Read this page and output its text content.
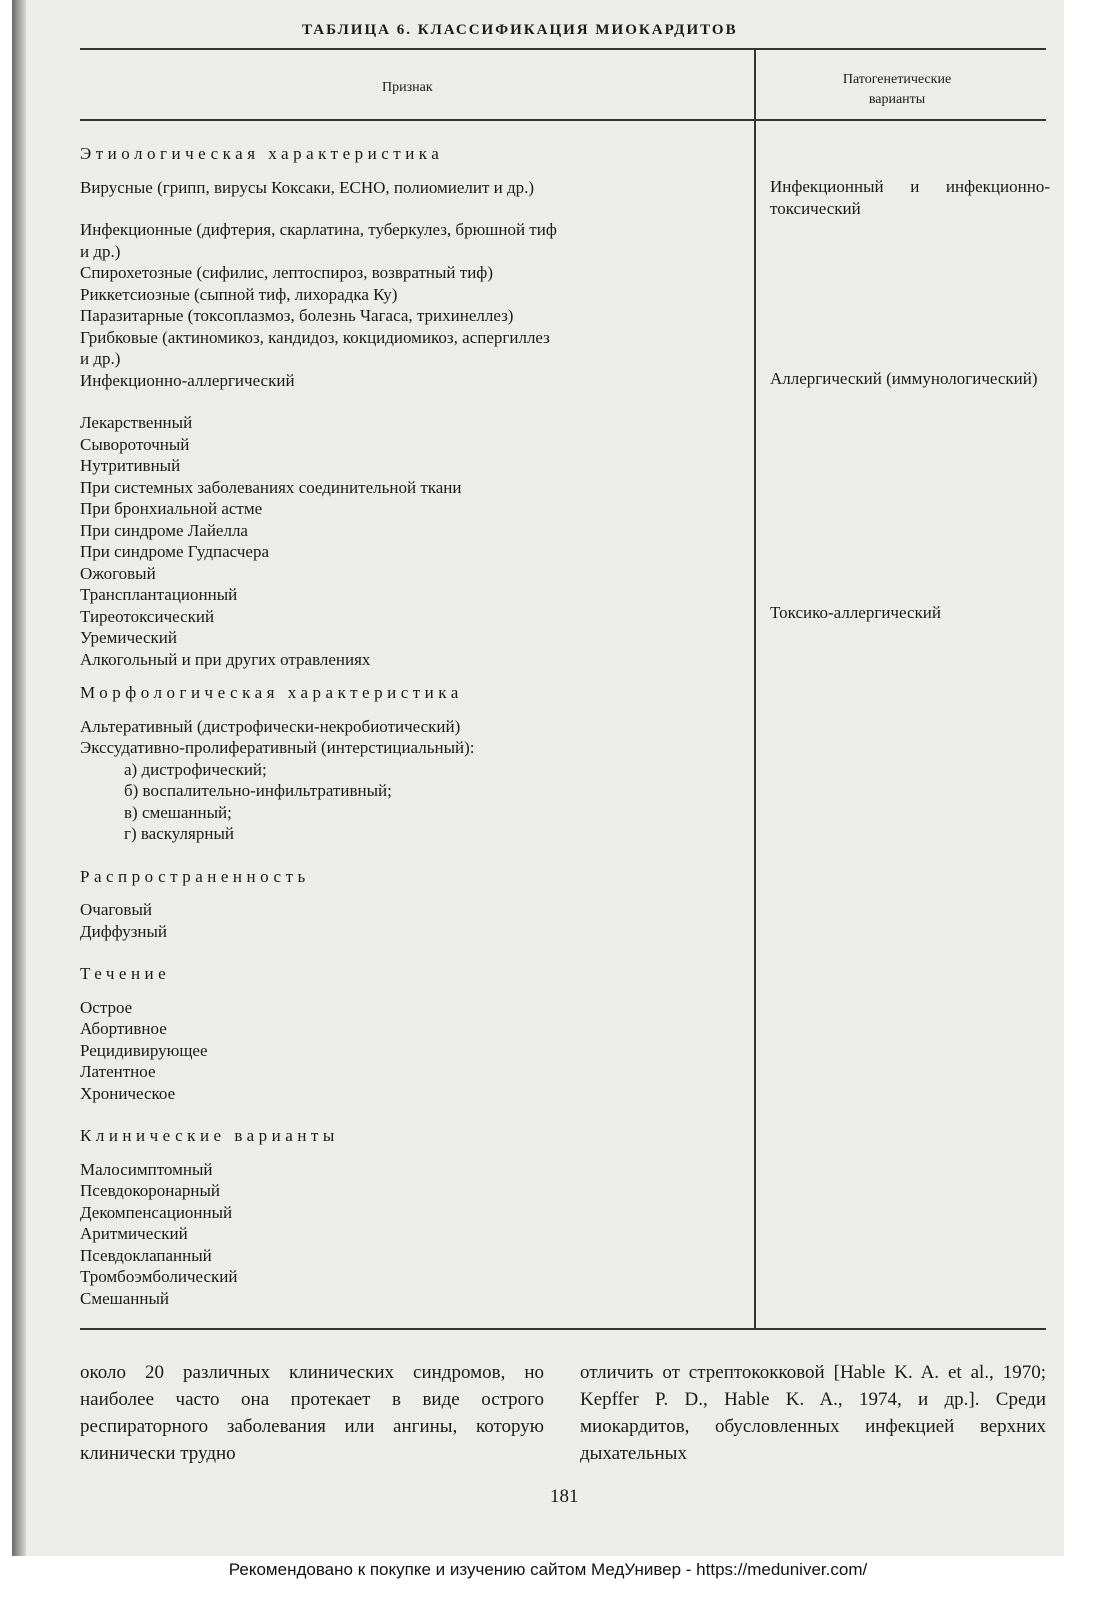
ТАБЛИЦА 6. КЛАССИФИКАЦИЯ МИОКАРДИТОВ
Признак
Патогенетические
варианты
Этиологическая характеристика
Вирусные (грипп, вирусы Коксаки, ЕСНО, полиомиелит и др.)
Инфекционные (дифтерия, скарлатина, туберкулез, брюшной тиф
и др.)
Спирохетозные (сифилис, лептоспироз, возвратный тиф)
Риккетсиозные (сыпной тиф, лихорадка Ку)
Паразитарные (токсоплазмоз, болезнь Чагаса, трихинеллез)
Грибковые (актиномикоз, кандидоз, кокцидиомикоз, аспергиллез
и др.)
Инфекционно-аллергический
Лекарственный
Сывороточный
Нутритивный
При системных заболеваниях соединительной ткани
При бронхиальной астме
При синдроме Лайелла
При синдроме Гудпасчера
Ожоговый
Трансплантационный
Тиреотоксический
Уремический
Алкогольный и при других отравлениях
Морфологическая характеристика
Альтеративный (дистрофически-некробиотический)
Экссудативно-пролиферативный (интерстициальный):
а) дистрофический;
б) воспалительно-инфильтративный;
в) смешанный;
г) васкулярный
Распространенность
Очаговый
Диффузный
Течение
Острое
Абортивное
Рецидивирующее
Латентное
Хроническое
Клинические варианты
Малосимптомный
Псевдокоронарный
Декомпенсационный
Аритмический
Псевдоклапанный
Тромбоэмболический
Смешанный
Инфекционный и инфекционно-токсический
Аллергический (иммунологический)
Токсико-аллергический
около 20 различных клинических синдромов, но наиболее часто она протекает в виде острого респираторного заболевания или ангины, которую клинически трудно
отличить от стрептококковой [Hable K. A. et al., 1970; Kepffer P. D., Hable K. A., 1974, и др.]. Среди миокардитов, обусловленных инфекцией верхних дыхательных
181
Рекомендовано к покупке и изучению сайтом МедУнивер - https://meduniver.com/
